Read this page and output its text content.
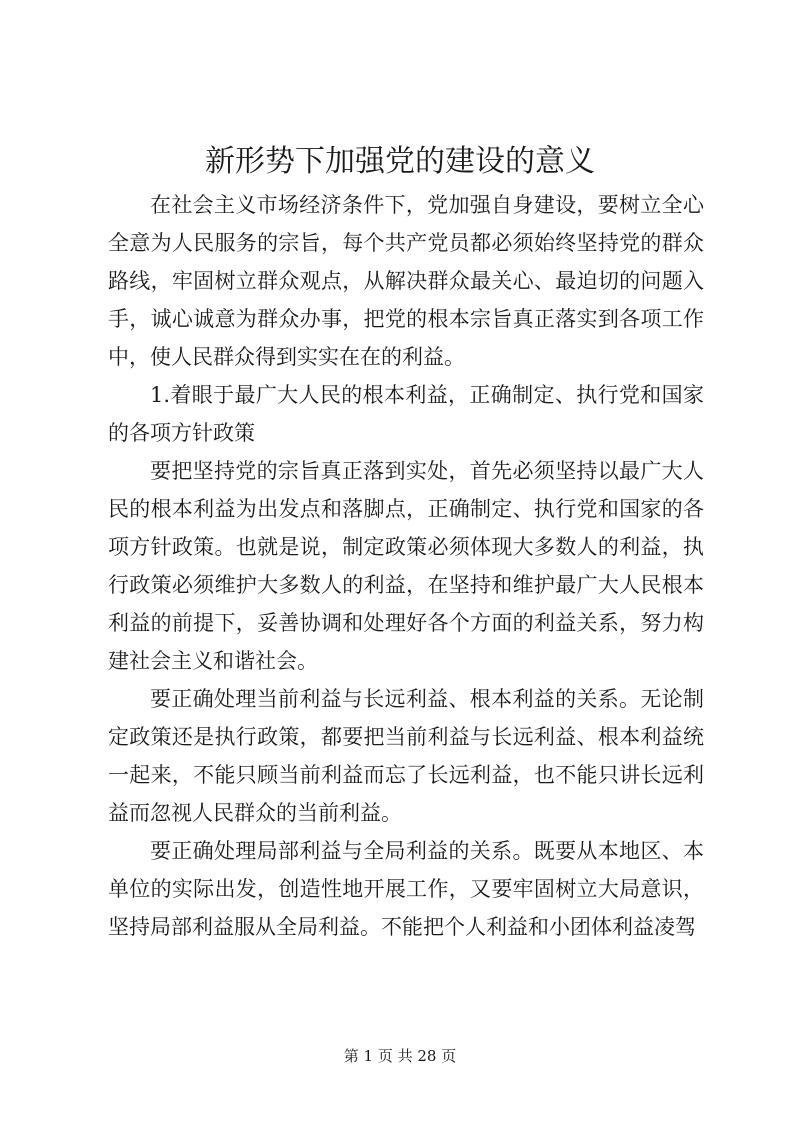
新形势下加强党的建设的意义

在社会主义市场经济条件下，党加强自身建设，要树立全心全意为人民服务的宗旨，每个共产党员都必须始终坚持党的群众路线，牢固树立群众观点，从解决群众最关心、最迫切的问题入手，诚心诚意为群众办事，把党的根本宗旨真正落实到各项工作中，使人民群众得到实实在在的利益。

1.着眼于最广大人民的根本利益，正确制定、执行党和国家的各项方针政策

要把坚持党的宗旨真正落到实处，首先必须坚持以最广大人民的根本利益为出发点和落脚点，正确制定、执行党和国家的各项方针政策。也就是说，制定政策必须体现大多数人的利益，执行政策必须维护大多数人的利益，在坚持和维护最广大人民根本利益的前提下，妥善协调和处理好各个方面的利益关系，努力构建社会主义和谐社会。

要正确处理当前利益与长远利益、根本利益的关系。无论制定政策还是执行政策，都要把当前利益与长远利益、根本利益统一起来，不能只顾当前利益而忘了长远利益，也不能只讲长远利益而忽视人民群众的当前利益。

要正确处理局部利益与全局利益的关系。既要从本地区、本单位的实际出发，创造性地开展工作，又要牢固树立大局意识，坚持局部利益服从全局利益。不能把个人利益和小团体利益凌驾

第 1 页 共 28 页
